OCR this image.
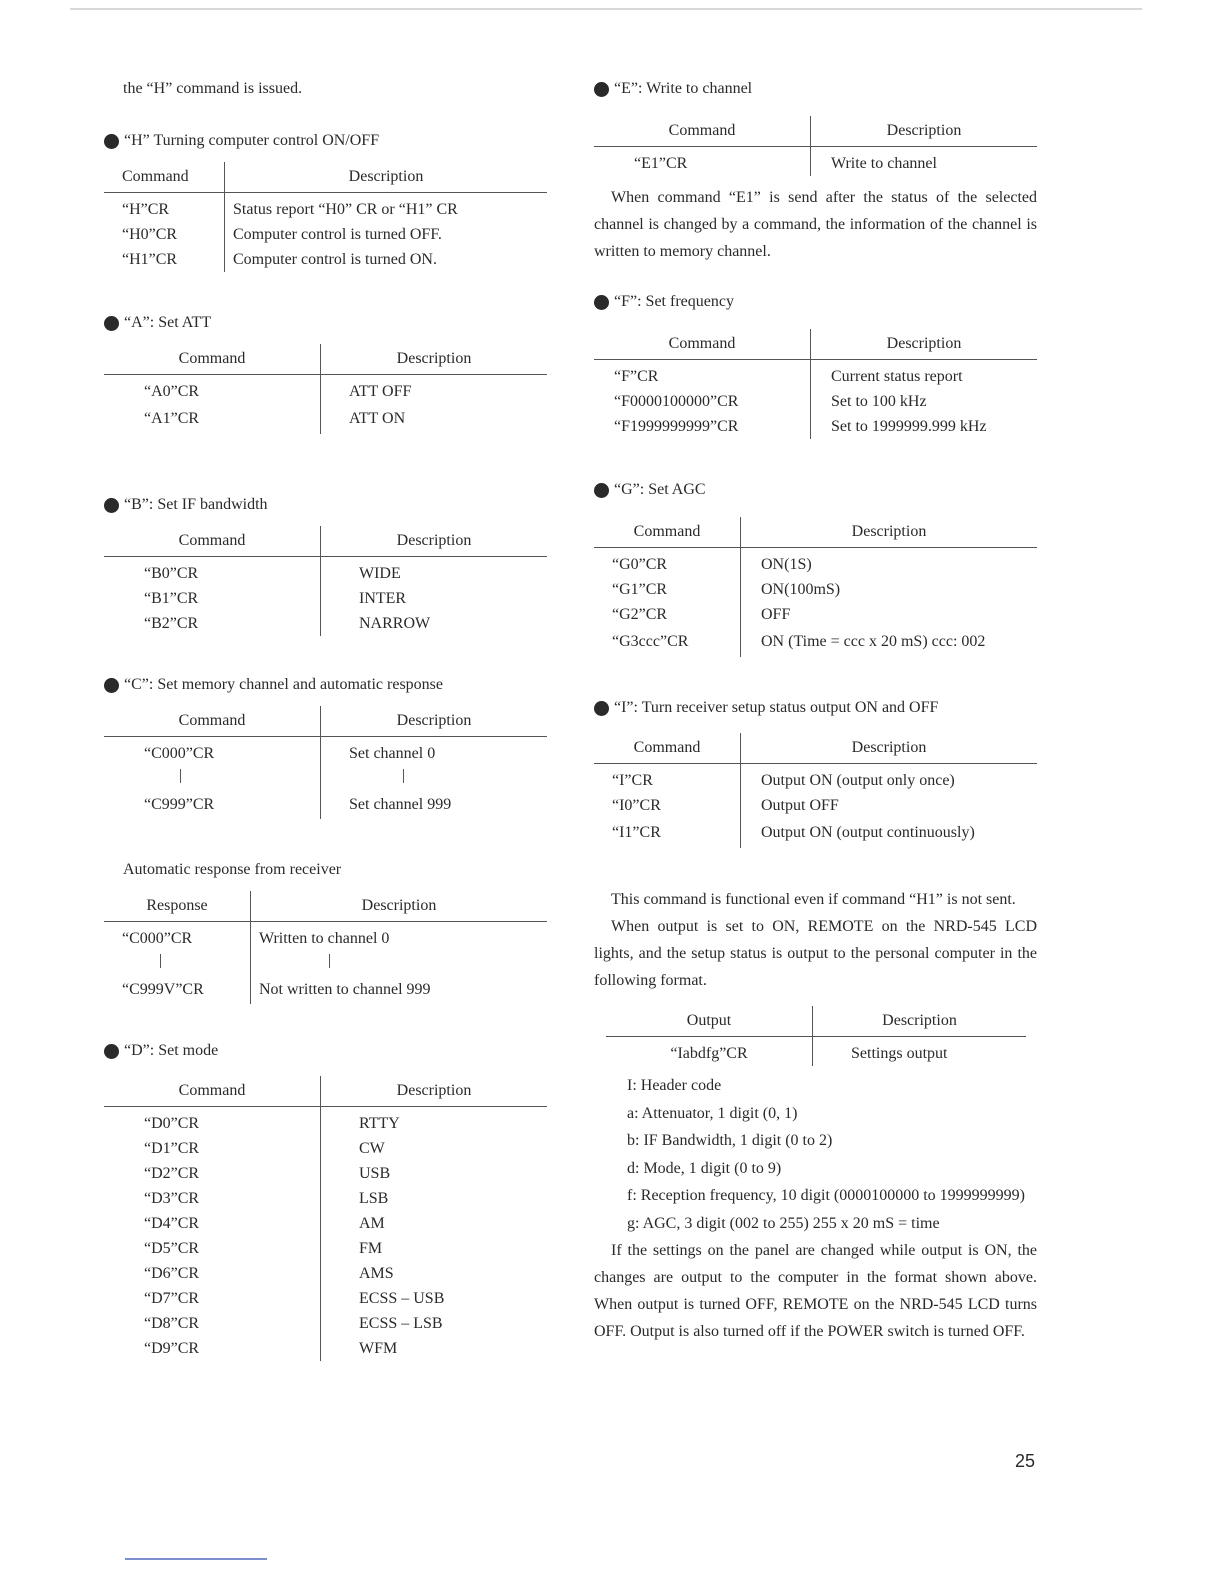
the “H” command is issued.

“H” Turning computer control ON/OFF
Command	Description
“H”CR	Status report “H0” CR or “H1” CR
“H0”CR	Computer control is turned OFF.
“H1”CR	Computer control is turned ON.
“A”: Set ATT
Command	Description
“A0”CR	ATT OFF
“A1”CR	ATT ON
“B”: Set IF bandwidth
Command	Description
“B0”CR	WIDE
“B1”CR	INTER
“B2”CR	NARROW
“C”: Set memory channel and automatic response
Command	Description
“C000”CR	Set channel 0

“C999”CR	Set channel 999

Automatic response from receiver

Response	Description
“C000”CR	Written to channel 0

“C999V”CR	Not written to channel 999
“D”: Set mode
Command	Description
“D0”CR	RTTY
“D1”CR	CW
“D2”CR	USB
“D3”CR	LSB
“D4”CR	AM
“D5”CR	FM
“D6”CR	AMS
“D7”CR	ECSS – USB
“D8”CR	ECSS – LSB
“D9”CR	WFM
“E”: Write to channel
Command	Description
“E1”CR	Write to channel

When command “E1” is send after the status of the selected channel is changed by a command, the information of the channel is written to memory channel.

“F”: Set frequency
Command	Description
“F”CR	Current status report
“F0000100000”CR	Set to 100 kHz
“F1999999999”CR	Set to 1999999.999 kHz
“G”: Set AGC
Command	Description
“G0”CR	ON(1S)
“G1”CR	ON(100mS)
“G2”CR	OFF
“G3ccc”CR	ON (Time = ccc x 20 mS) ccc: 002
“I”: Turn receiver setup status output ON and OFF
Command	Description
“I”CR	Output ON (output only once)
“I0”CR	Output OFF
“I1”CR	Output ON (output continuously)

This command is functional even if command “H1” is not sent.

When output is set to ON, REMOTE on the NRD-545 LCD lights, and the setup status is output to the personal computer in the following format.

Output	Description
“Iabdfg”CR	Settings output
I: Header code
a: Attenuator, 1 digit (0, 1)
b: IF Bandwidth, 1 digit (0 to 2)
d: Mode, 1 digit (0 to 9)
f: Reception frequency, 10 digit (0000100000 to 1999999999)
g: AGC, 3 digit (002 to 255) 255 x 20 mS = time

If the settings on the panel are changed while output is ON, the changes are output to the computer in the format shown above. When output is turned OFF, REMOTE on the NRD-545 LCD turns OFF. Output is also turned off if the POWER switch is turned OFF.

25
